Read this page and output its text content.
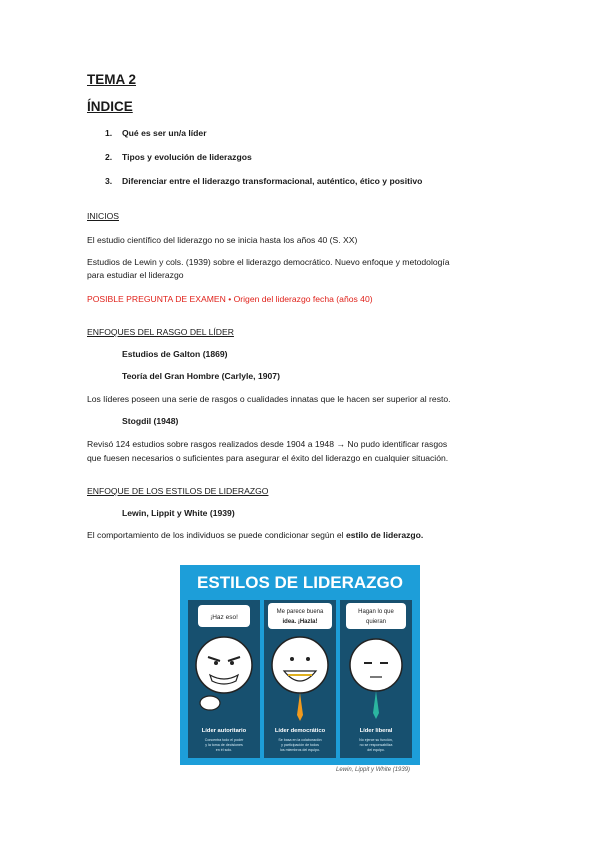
TEMA 2
ÍNDICE
1. Qué es ser un/a líder
2. Tipos y evolución de liderazgos
3. Diferenciar entre el liderazgo transformacional, auténtico, ético y positivo
INICIOS
El estudio científico del liderazgo no se inicia hasta los años 40 (S. XX)
Estudios de Lewin y cols. (1939) sobre el liderazgo democrático. Nuevo enfoque y metodología
para estudiar el liderazgo
POSIBLE PREGUNTA DE EXAMEN • Origen del liderazgo fecha (años 40)
ENFOQUES DEL RASGO DEL LÍDER
Estudios de Galton (1869)
Teoría del Gran Hombre (Carlyle, 1907)
Los líderes poseen una serie de rasgos o cualidades innatas que le hacen ser superior al resto.
Stogdil (1948)
Revisó 124 estudios sobre rasgos realizados desde 1904 a 1948 → No pudo identificar rasgos
que fuesen necesarios o suficientes para asegurar el éxito del liderazgo en cualquier situación.
ENFOQUE DE LOS ESTILOS DE LIDERAZGO
Lewin, Lippit y White (1939)
El comportamiento de los individuos se puede condicionar según el estilo de liderazgo.
ESTILOS DE LIDERAZGO
¡Haz eso!
Líder autoritario
Concentra todo el poder
y la toma de decisiones
en él solo.
Me parece buena
idea. ¡Hazla!
Líder democrático
Se basa en la colaboración
y participación de todos
los miembros del equipo.
Hagan lo que
quieran
Líder liberal
No ejerce su función,
no se responsabiliza
del equipo.
Lewin, Lippit y White (1939)
